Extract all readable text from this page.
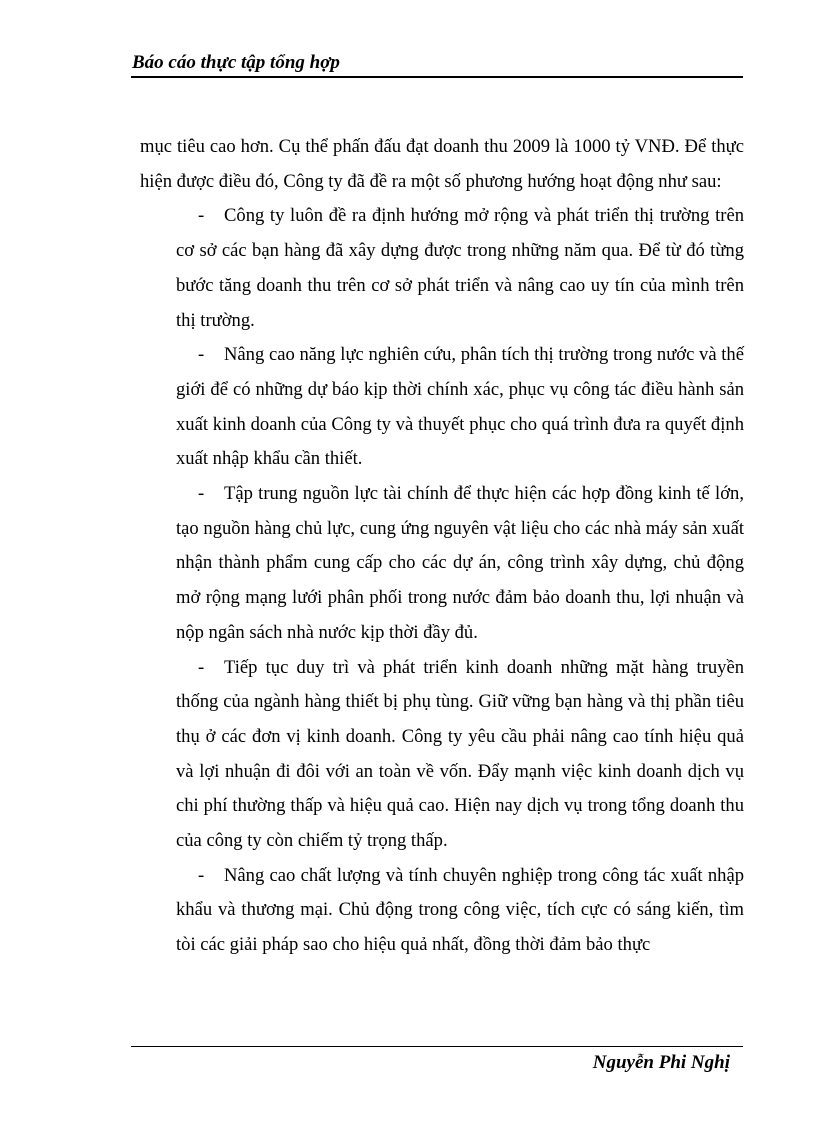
Báo cáo thực tập tổng hợp

mục tiêu cao hơn. Cụ thể phấn đấu đạt doanh thu 2009 là 1000 tỷ VNĐ. Để thực hiện được điều đó, Công ty đã đề ra một số phương hướng hoạt động như sau:

- Công ty luôn đề ra định hướng mở rộng và phát triển thị trường trên cơ sở các bạn hàng đã xây dựng được trong những năm qua. Để từ đó từng bước tăng doanh thu trên cơ sở phát triển và nâng cao uy tín của mình trên thị trường.

- Nâng cao năng lực nghiên cứu, phân tích thị trường trong nước và thế giới để có những dự báo kịp thời chính xác, phục vụ công tác điều hành sản xuất kinh doanh của Công ty và thuyết phục cho quá trình đưa ra quyết định xuất nhập khẩu cần thiết.

- Tập trung nguồn lực tài chính để thực hiện các hợp đồng kinh tế lớn, tạo nguồn hàng chủ lực, cung ứng nguyên vật liệu cho các nhà máy sản xuất nhận thành phẩm cung cấp cho các dự án, công trình xây dựng, chủ động mở rộng mạng lưới phân phối trong nước đảm bảo doanh thu, lợi nhuận và nộp ngân sách nhà nước kịp thời đầy đủ.

- Tiếp tục duy trì và phát triển kinh doanh những mặt hàng truyền thống của ngành hàng thiết bị phụ tùng. Giữ vững bạn hàng và thị phần tiêu thụ ở các đơn vị kinh doanh. Công ty yêu cầu phải nâng cao tính hiệu quả và lợi nhuận đi đôi với an toàn về vốn. Đẩy mạnh việc kinh doanh dịch vụ chi phí thường thấp và hiệu quả cao. Hiện nay dịch vụ trong tổng doanh thu của công ty còn chiếm tỷ trọng thấp.

- Nâng cao chất lượng và tính chuyên nghiệp trong công tác xuất nhập khẩu và thương mại. Chủ động trong công việc, tích cực có sáng kiến, tìm tòi các giải pháp sao cho hiệu quả nhất, đồng thời đảm bảo thực

Nguyễn Phi Nghị
